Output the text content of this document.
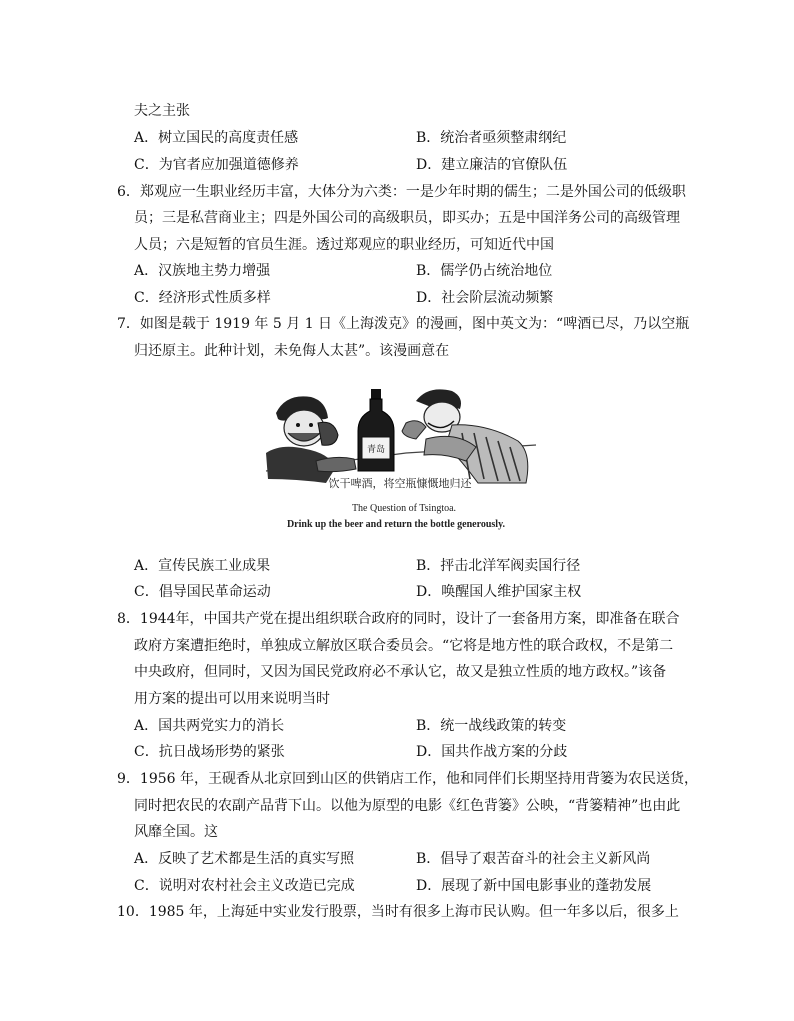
夫之主张
A．树立国民的高度责任感	B．统治者亟须整肃纲纪
C．为官者应加强道德修养	D．建立廉洁的官僚队伍
6．郑观应一生职业经历丰富，大体分为六类：一是少年时期的儒生；二是外国公司的低级职
员；三是私营商业主；四是外国公司的高级职员，即买办；五是中国洋务公司的高级管理
人员；六是短暂的官员生涯。透过郑观应的职业经历，可知近代中国
A．汉族地主势力增强	B．儒学仍占统治地位
C．经济形式性质多样	D．社会阶层流动频繁
7．如图是载于 1919 年 5 月 1 日《上海泼克》的漫画，图中英文为：“啤酒已尽，乃以空瓶
归还原主。此种计划，未免侮人太甚”。该漫画意在
青岛
饮干啤酒，将空瓶慷慨地归还
The Question of Tsingtoa.
Drink up the beer and return the bottle generously.
A．宣传民族工业成果	B．抨击北洋军阀卖国行径
C．倡导国民革命运动	D．唤醒国人维护国家主权
8．1944年，中国共产党在提出组织联合政府的同时，设计了一套备用方案，即准备在联合
政府方案遭拒绝时，单独成立解放区联合委员会。“它将是地方性的联合政权，不是第二
中央政府，但同时，又因为国民党政府必不承认它，故又是独立性质的地方政权。”该备
用方案的提出可以用来说明当时
A．国共两党实力的消长	B．统一战线政策的转变
C．抗日战场形势的紧张	D．国共作战方案的分歧
9．1956 年，王砚香从北京回到山区的供销店工作，他和同伴们长期坚持用背篓为农民送货，
同时把农民的农副产品背下山。以他为原型的电影《红色背篓》公映，“背篓精神”也由此
风靡全国。这
A．反映了艺术都是生活的真实写照	B．倡导了艰苦奋斗的社会主义新风尚
C．说明对农村社会主义改造已完成	D．展现了新中国电影事业的蓬勃发展
10．1985 年，上海延中实业发行股票，当时有很多上海市民认购。但一年多以后，很多上
